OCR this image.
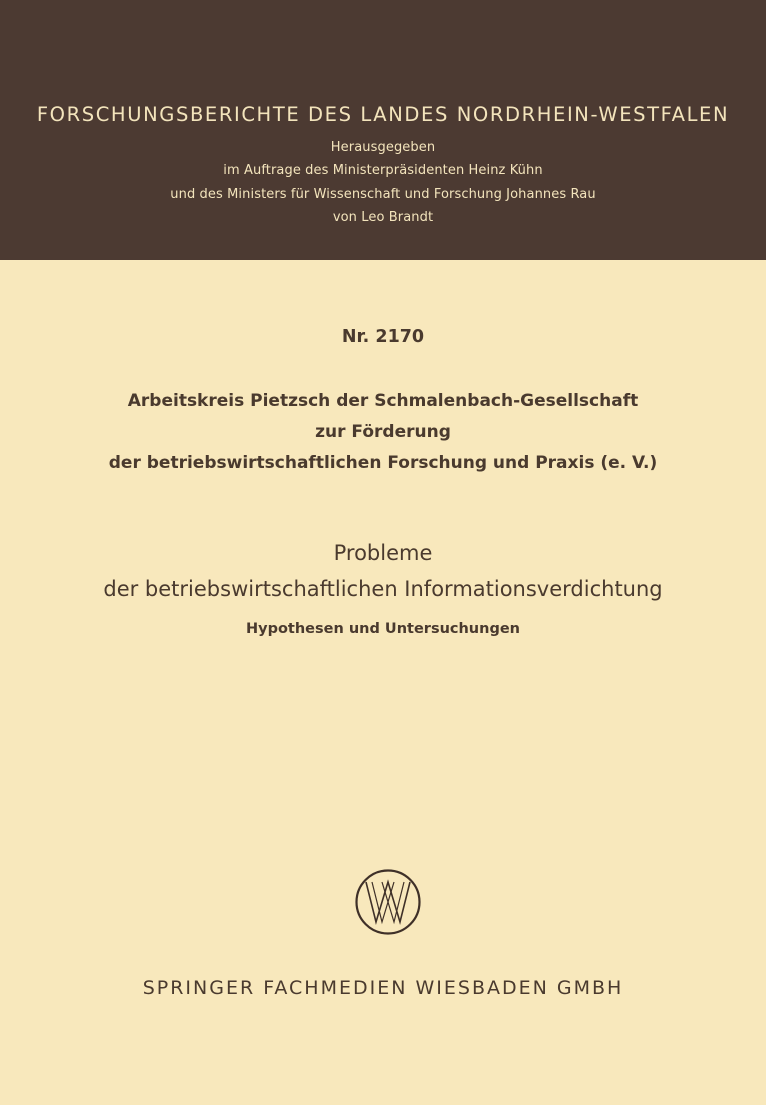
FORSCHUNGSBERICHTE DES LANDES NORDRHEIN-WESTFALEN
Herausgegeben
im Auftrage des Ministerpräsidenten Heinz Kühn
und des Ministers für Wissenschaft und Forschung Johannes Rau
von Leo Brandt
Nr. 2170
Arbeitskreis Pietzsch der Schmalenbach-Gesellschaft
zur Förderung
der betriebswirtschaftlichen Forschung und Praxis (e. V.)
Probleme
der betriebswirtschaftlichen Informationsverdichtung
Hypothesen und Untersuchungen
SPRINGER FACHMEDIEN WIESBADEN GMBH
